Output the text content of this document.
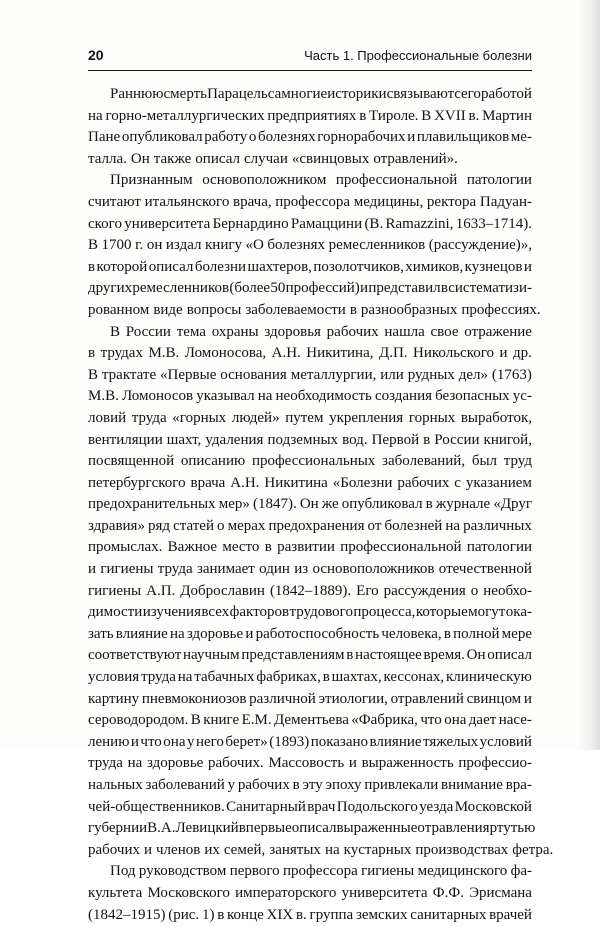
20	Часть 1. Профессиональные болезни
Раннюю смерть Парацельса многие историки связывают с его работой
на горно-металлургических предприятиях в Тироле. В XVII в. Мартин
Пане опубликовал работу о болезнях горнорабочих и плавильщиков ме-
талла. Он также описал случаи «свинцовых отравлений».
Признанным основоположником профессиональной патологии
считают итальянского врача, профессора медицины, ректора Падуан-
ского университета Бернардино Рамаццини (B. Ramazzini, 1633–1714).
В 1700 г. он издал книгу «О болезнях ремесленников (рассуждение)»,
в которой описал болезни шахтеров, позолотчиков, химиков, кузнецов и
других ремесленников (более 50 профессий) и представил в систематизи-
рованном виде вопросы заболеваемости в разнообразных профессиях.
В России тема охраны здоровья рабочих нашла свое отражение
в трудах М.В. Ломоносова, А.Н. Никитина, Д.П. Никольского и др.
В трактате «Первые основания металлургии, или рудных дел» (1763)
М.В. Ломоносов указывал на необходимость создания безопасных ус-
ловий труда «горных людей» путем укрепления горных выработок,
вентиляции шахт, удаления подземных вод. Первой в России книгой,
посвященной описанию профессиональных заболеваний, был труд
петербургского врача А.Н. Никитина «Болезни рабочих с указанием
предохранительных мер» (1847). Он же опубликовал в журнале «Друг
здравия» ряд статей о мерах предохранения от болезней на различных
промыслах. Важное место в развитии профессиональной патологии
и гигиены труда занимает один из основоположников отечественной
гигиены А.П. Доброславин (1842–1889). Его рассуждения о необхо-
димости изучения всех факторов трудового процесса, которые могут ока-
зать влияние на здоровье и работоспособность человека, в полной мере
соответствуют научным представлениям в настоящее время. Он описал
условия труда на табачных фабриках, в шахтах, кессонах, клиническую
картину пневмокониозов различной этиологии, отравлений свинцом и
сероводородом. В книге Е.М. Дементьева «Фабрика, что она дает насе-
лению и что она у него берет» (1893) показано влияние тяжелых условий
труда на здоровье рабочих. Массовость и выраженность профессио-
нальных заболеваний у рабочих в эту эпоху привлекали внимание вра-
чей-общественников. Санитарный врач Подольского уезда Московской
губернии В.А. Левицкий впервые описал выраженные отравления ртутью
рабочих и членов их семей, занятых на кустарных производствах фетра.
Под руководством первого профессора гигиены медицинского фа-
культета Московского императорского университета Ф.Ф. Эрисмана
(1842–1915) (рис. 1) в конце XIX в. группа земских санитарных врачей
